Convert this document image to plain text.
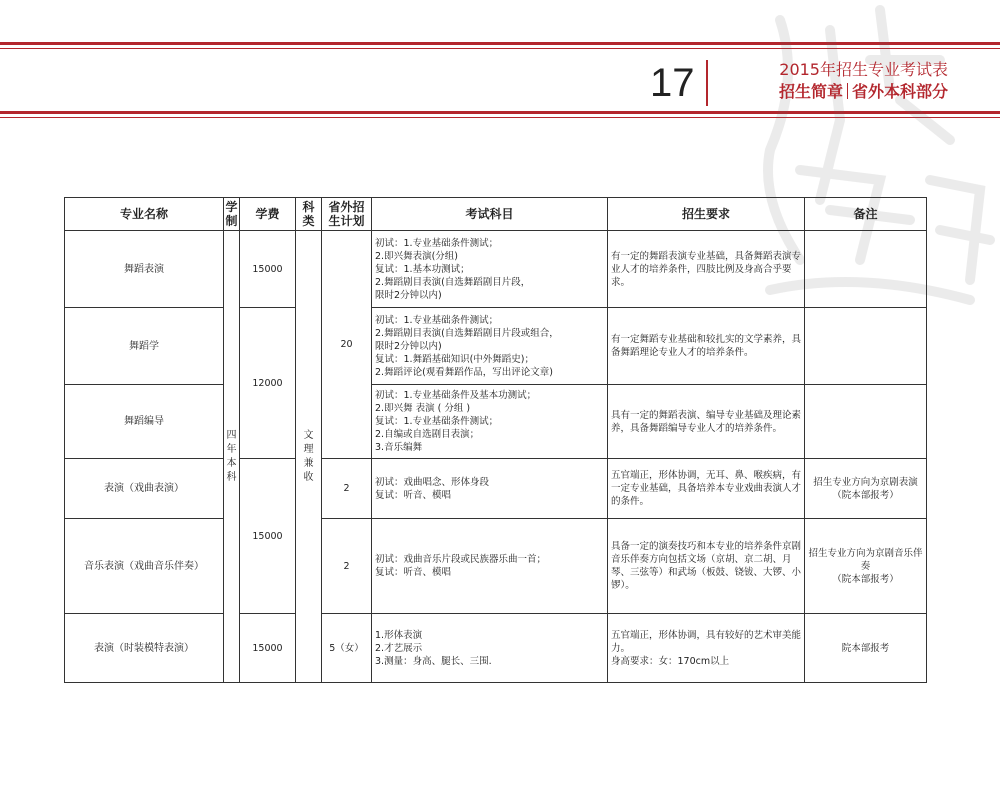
17	2015年招生专业考试表
招生简章 省外本科部分
专业名称	学制	学费	科类	省外招生计划	考试科目	招生要求	备注
舞蹈表演	四年本科	15000	文理兼收	20	初试：1.专业基础条件测试；
2.即兴舞表演(分组)
复试：1.基本功测试；
2.舞蹈剧目表演(自选舞蹈剧目片段，
限时2分钟以内)	有一定的舞蹈表演专业基础，具备舞蹈表演专业人才的培养条件，四肢比例及身高合乎要求。	
舞蹈学		12000			初试：1.专业基础条件测试；
2.舞蹈剧目表演(自选舞蹈剧目片段或组合，
限时2分钟以内)
复试：1.舞蹈基础知识(中外舞蹈史)；
2.舞蹈评论(观看舞蹈作品，写出评论文章)	有一定舞蹈专业基础和较扎实的文学素养，具备舞蹈理论专业人才的培养条件。	
舞蹈编导					初试：1.专业基础条件及基本功测试；
2.即兴舞 表演 ( 分组 )
复试：1.专业基础条件测试；
2.自编或自选剧目表演；
3.音乐编舞	具有一定的舞蹈表演、编导专业基础及理论素养，具备舞蹈编导专业人才的培养条件。	
表演（戏曲表演）		15000		2	初试：戏曲唱念、形体身段
复试：听音、模唱	五官端正，形体协调，无耳、鼻、喉疾病，有一定专业基础，具备培养本专业戏曲表演人才的条件。	招生专业方向为京剧表演
（院本部报考）
音乐表演（戏曲音乐伴奏）				2	初试：戏曲音乐片段或民族器乐曲一首；
复试：听音、模唱	具备一定的演奏技巧和本专业的培养条件京剧音乐伴奏方向包括文场（京胡、京二胡、月琴、三弦等）和武场（板鼓、铙钹、大锣、小锣）。	招生专业方向为京剧音乐伴奏
（院本部报考）
表演（时装模特表演）		15000		5（女）	1.形体表演
2.才艺展示
3.测量：身高、腿长、三围.	五官端正，形体协调，具有较好的艺术审美能力。
身高要求：女：170cm以上	院本部报考
